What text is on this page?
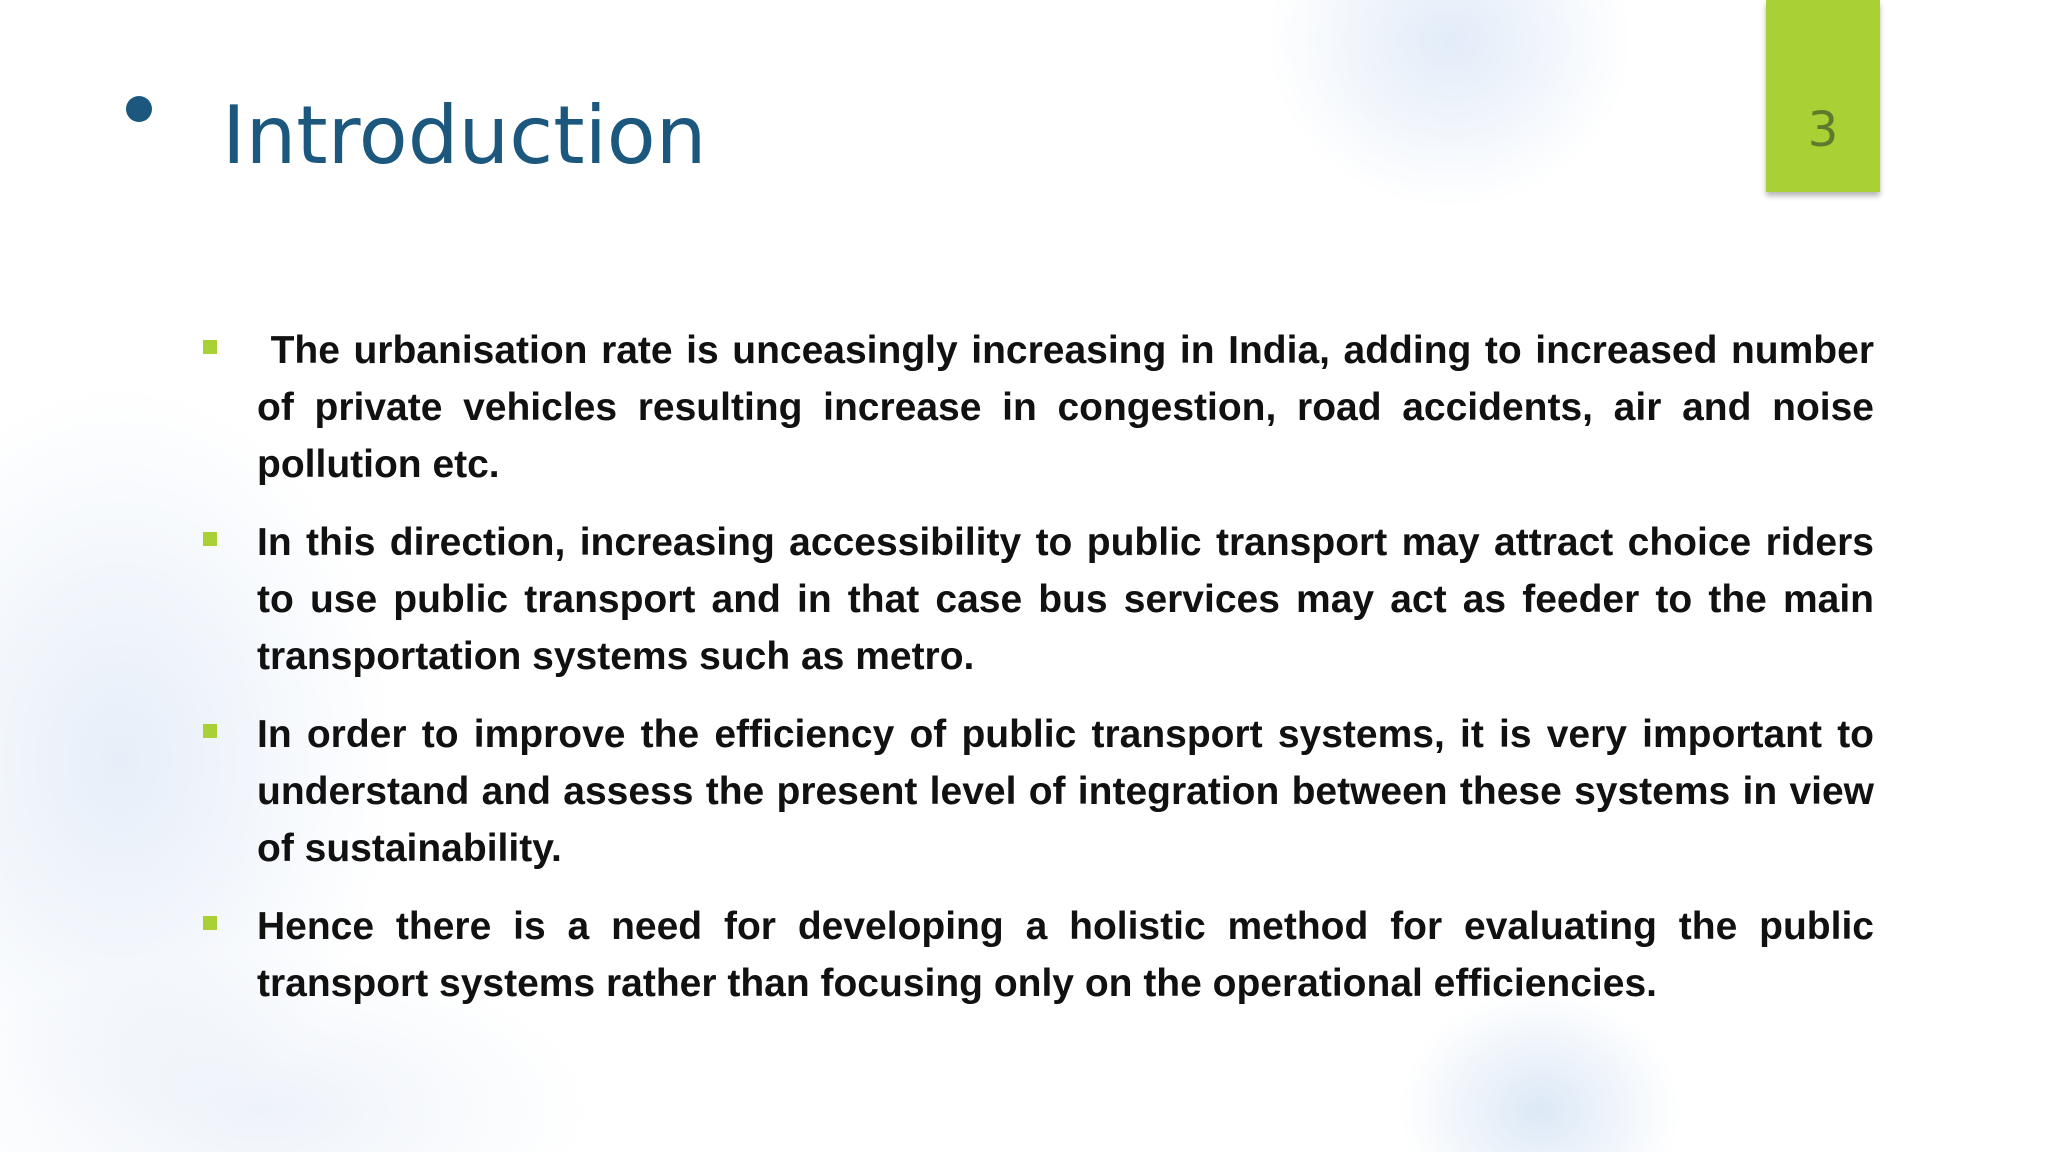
Introduction	3
The urbanisation rate is unceasingly increasing in India, adding to increased number of private vehicles resulting increase in congestion, road accidents, air and noise pollution etc.
In this direction, increasing accessibility to public transport may attract choice riders to use public transport and in that case bus services may act as feeder to the main transportation systems such as metro.
In order to improve the efficiency of public transport systems, it is very important to understand and assess the present level of integration between these systems in view of sustainability.
Hence there is a need for developing a holistic method for evaluating the public transport systems rather than focusing only on the operational efficiencies.
